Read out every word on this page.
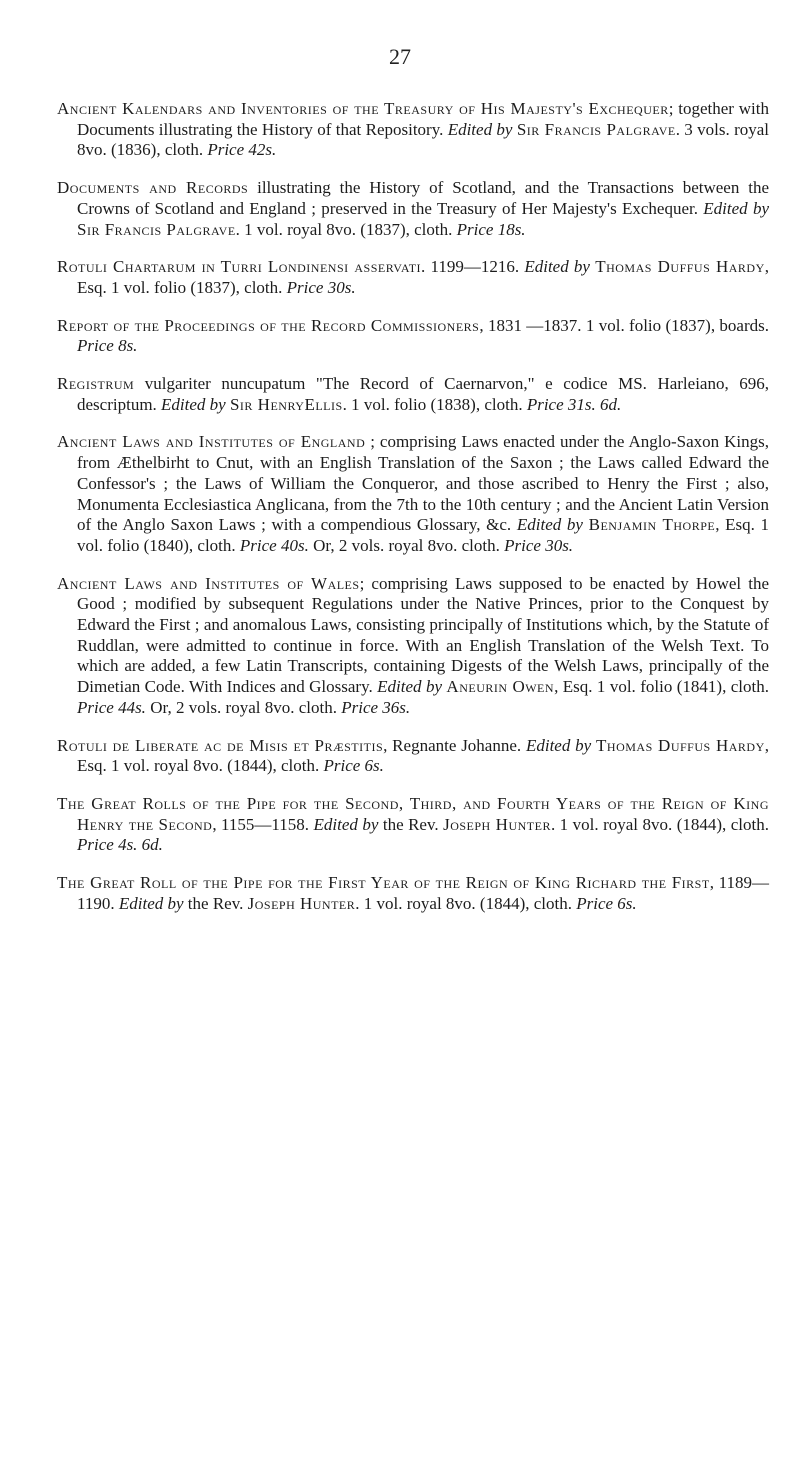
27

Ancient Kalendars and Inventories of the Treasury of His Majesty's Exchequer; together with Documents illustrating the History of that Repository. Edited by Sir Francis Palgrave. 3 vols. royal 8vo. (1836), cloth. Price 42s.

Documents and Records illustrating the History of Scotland, and the Transactions between the Crowns of Scotland and England ; preserved in the Treasury of Her Majesty's Exchequer. Edited by Sir Francis Palgrave. 1 vol. royal 8vo. (1837), cloth. Price 18s.

Rotuli Chartarum in Turri Londinensi asservati. 1199—1216. Edited by Thomas Duffus Hardy, Esq. 1 vol. folio (1837), cloth. Price 30s.

Report of the Proceedings of the Record Commissioners, 1831 —1837. 1 vol. folio (1837), boards. Price 8s.

Registrum vulgariter nuncupatum "The Record of Caernarvon," e codice MS. Harleiano, 696, descriptum. Edited by Sir HenryEllis. 1 vol. folio (1838), cloth. Price 31s. 6d.

Ancient Laws and Institutes of England ; comprising Laws enacted under the Anglo-Saxon Kings, from Æthelbirht to Cnut, with an English Translation of the Saxon ; the Laws called Edward the Confessor's ; the Laws of William the Conqueror, and those ascribed to Henry the First ; also, Monumenta Ecclesiastica Anglicana, from the 7th to the 10th century ; and the Ancient Latin Version of the Anglo Saxon Laws ; with a compendious Glossary, &c. Edited by Benjamin Thorpe, Esq. 1 vol. folio (1840), cloth. Price 40s. Or, 2 vols. royal 8vo. cloth. Price 30s.

Ancient Laws and Institutes of Wales; comprising Laws supposed to be enacted by Howel the Good ; modified by subsequent Regulations under the Native Princes, prior to the Conquest by Edward the First ; and anomalous Laws, consisting principally of Institutions which, by the Statute of Ruddlan, were admitted to continue in force. With an English Translation of the Welsh Text. To which are added, a few Latin Transcripts, containing Digests of the Welsh Laws, principally of the Dimetian Code. With Indices and Glossary. Edited by Aneurin Owen, Esq. 1 vol. folio (1841), cloth. Price 44s. Or, 2 vols. royal 8vo. cloth. Price 36s.

Rotuli de Liberate ac de Misis et Præstitis, Regnante Johanne. Edited by Thomas Duffus Hardy, Esq. 1 vol. royal 8vo. (1844), cloth. Price 6s.

The Great Rolls of the Pipe for the Second, Third, and Fourth Years of the Reign of King Henry the Second, 1155—1158. Edited by the Rev. Joseph Hunter. 1 vol. royal 8vo. (1844), cloth. Price 4s. 6d.

The Great Roll of the Pipe for the First Year of the Reign of King Richard the First, 1189—1190. Edited by the Rev. Joseph Hunter. 1 vol. royal 8vo. (1844), cloth. Price 6s.
